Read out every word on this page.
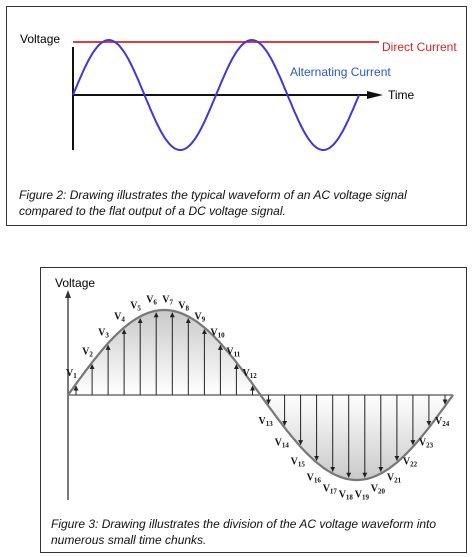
Voltage
Time
Direct Current
Alternating Current

Figure 2: Drawing illustrates the typical waveform of an AC voltage signal compared to the flat output of a DC voltage signal.

Voltage
$V_1$
$V_2$
$V_3$
$V_4$
$V_5$
$V_6$ $V_7$ $V_8$
$V_9$
$V_{10}$
$V_{11}$
$V_{12}$
$V_{13}$
$V_{14}$
$V_{15}$
$V_{16}$
$V_{17}$ $V_{18}$ $V_{19}$
$V_{20}$
$V_{21}$
$V_{22}$
$V_{23}$
$V_{24}$

Figure 3: Drawing illustrates the division of the AC voltage waveform into numerous small time chunks.
